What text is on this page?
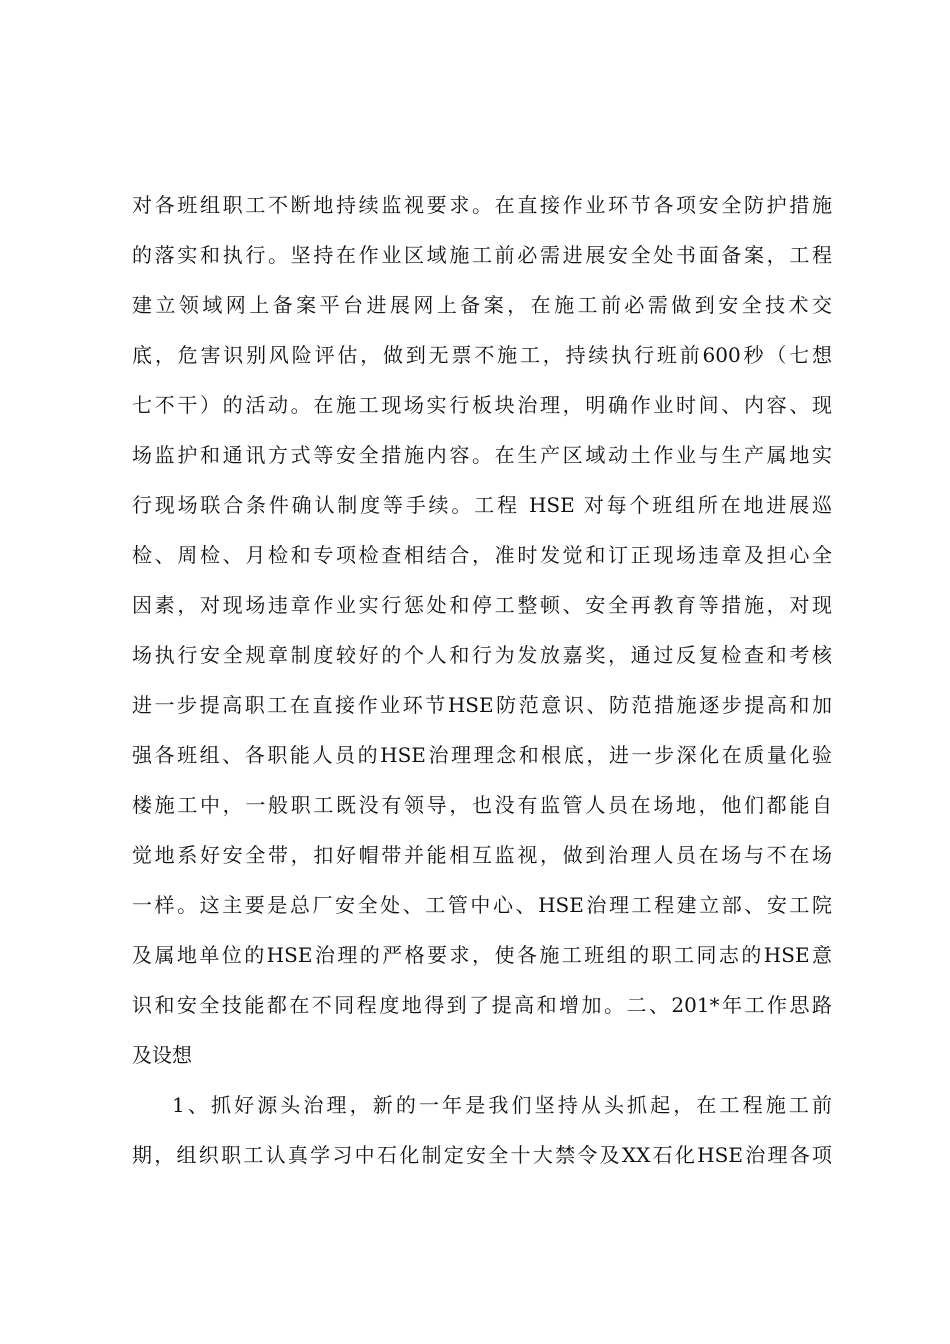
对各班组职工不断地持续监视要求。在直接作业环节各项安全防护措施
的落实和执行。坚持在作业区域施工前必需进展安全处书面备案，工程
建立领域网上备案平台进展网上备案，在施工前必需做到安全技术交
底，危害识别风险评估，做到无票不施工，持续执行班前600秒（七想
七不干）的活动。在施工现场实行板块治理，明确作业时间、内容、现
场监护和通讯方式等安全措施内容。在生产区域动土作业与生产属地实
行现场联合条件确认制度等手续。工程 HSE 对每个班组所在地进展巡
检、周检、月检和专项检查相结合，准时发觉和订正现场违章及担心全
因素，对现场违章作业实行惩处和停工整顿、安全再教育等措施，对现
场执行安全规章制度较好的个人和行为发放嘉奖，通过反复检查和考核
进一步提高职工在直接作业环节HSE防范意识、防范措施逐步提高和加
强各班组、各职能人员的HSE治理理念和根底，进一步深化在质量化验
楼施工中，一般职工既没有领导，也没有监管人员在场地，他们都能自
觉地系好安全带，扣好帽带并能相互监视，做到治理人员在场与不在场
一样。这主要是总厂安全处、工管中心、HSE治理工程建立部、安工院
及属地单位的HSE治理的严格要求，使各施工班组的职工同志的HSE意
识和安全技能都在不同程度地得到了提高和增加。二、201*年工作思路
及设想
1、抓好源头治理，新的一年是我们坚持从头抓起，在工程施工前
期，组织职工认真学习中石化制定安全十大禁令及XX石化HSE治理各项
